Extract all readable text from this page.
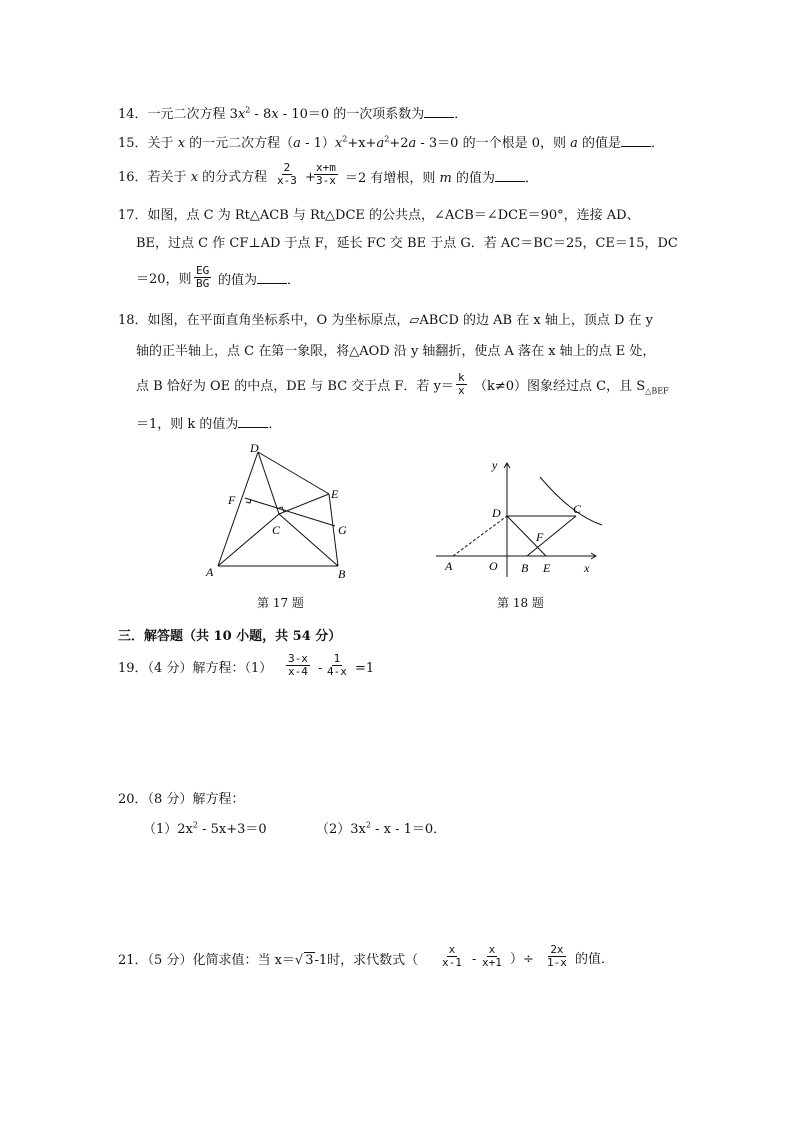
14．一元二次方程 $3x^2 - 8x - 10=0$ 的一次项系数为 ．
15．关于 x 的一元二次方程$(a - 1)x^2+x+a^2+2a - 3=0$ 的一个根是 0，则 a 的值是 ．
16．若关于 x 的分式方程 $\frac{2}{x-3}$ +
$\frac{x+m}{3-x} =2$ 有增根，则 m 的值为 ．
17．如图，点 C 为 Rt△ACB 与 Rt△DCE 的公共点，∠ACB＝∠DCE＝90°，连接 AD、
BE，过点 C 作 CF⊥AD 于点 F，延长 FC 交 BE 于点 G．若 AC＝BC＝25，CE＝15，DC
＝20，则 $\frac{EG}{BG}$ 的值为 ．
18．如图，在平面直角坐标系中，O 为坐标原点，▱ABCD 的边 AB 在 x 轴上，顶点 D 在 y
轴的正半轴上，点 C 在第一象限，将△AOD 沿 y 轴翻折，使点 A 落在 x 轴上的点 E 处，
点 B 恰好为 OE 的中点，DE 与 BC 交于点 F．若 $y= \frac{k}{x} (k\ne 0)$图象经过点 C，且 $S_{\triangle BEF}$
＝1，则 k 的值为 ．
D
F	E
C	G
A	B
第 17 题
y
D	C
F
A	O B E	x
第 18 题
三．解答题（共 10 小题，共 54 分）
19．（4 分）解方程：$(1) \frac{3-x}{x-4} - \frac{1}{4-x} =1$
20．（8 分）解方程：
$(1)2x^2 - 5x+3=0$	$(2)3x^2 - x - 1=0$．
21．（5 分）化简求值：当 x＝√ 3-1时，求代数式（ $\frac{x}{x-1} - \frac{x}{x+1}$ ）÷ $\frac{2x}{1-x}$ 的值．
